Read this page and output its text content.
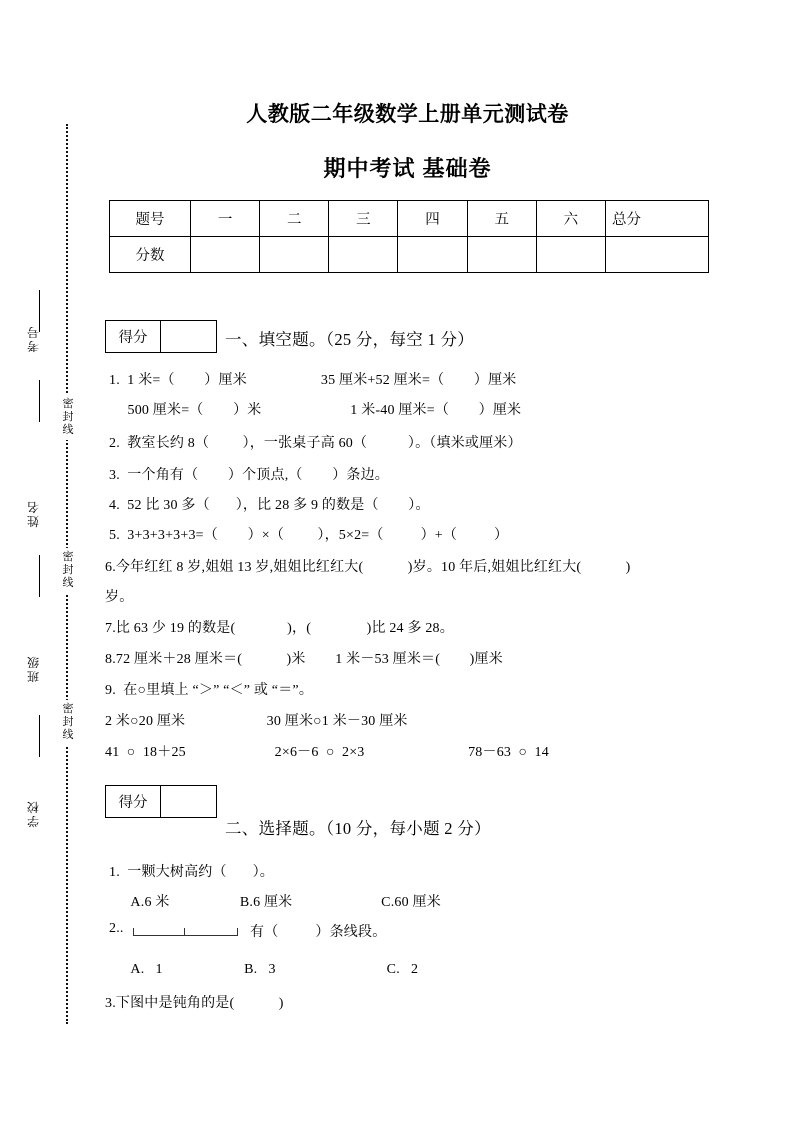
密封线
密封线
密封线
考号
姓名
班级
学校
人教版二年级数学上册单元测试卷
期中考试 基础卷
题号	一	二	三	四	五	六	总分
分数							
得分	一、填空题。（25 分，每空 1 分）
1.  1 米=（        ）厘米                    35 厘米+52 厘米=（        ）厘米
500 厘米=（        ）米                        1 米-40 厘米=（        ）厘米
2.  教室长约 8（         ），一张桌子高 60（           ）。（填米或厘米）
3.  一个角有（        ）个顶点,（        ）条边。
4.  52 比 30 多（       ），比 28 多 9 的数是（        ）。
5.  3+3+3+3+3=（        ）×（         ），5×2=（          ）+（          ）
6.今年红红 8 岁,姐姐 13 岁,姐姐比红红大(            )岁。10 年后,姐姐比红红大(            )
岁。
7.比 63 少 19 的数是(              )，(               )比 24 多 28。
8.72 厘米＋28 厘米＝(            )米        1 米－53 厘米＝(        )厘米
9.  在○里填上 “＞” “＜” 或 “＝”。
2 米○20 厘米                      30 厘米○1 米－30 厘米
41  ○  18＋25                        2×6－6  ○  2×3                            78－63  ○  14
得分
二、选择题。（10 分，每小题 2 分）
1.  一颗大树高约（       ）。
A.6 米                   B.6 厘米                        C.60 厘米
2..	有（          ）条线段。
A.   1                      B.   3                              C.   2
3.下图中是钝角的是(            )
